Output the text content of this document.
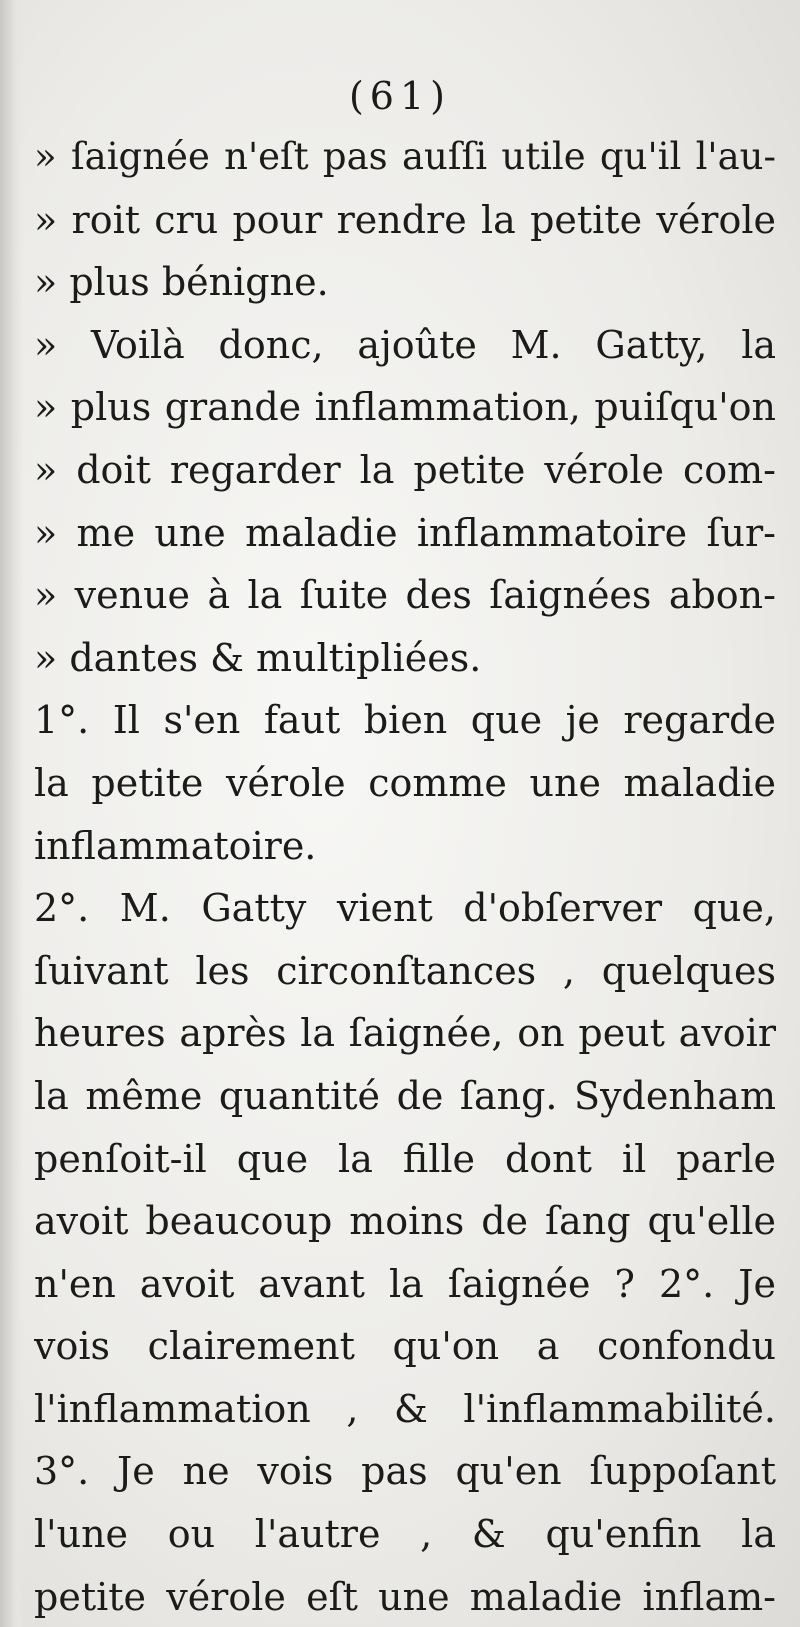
(61)
» ſaignée n'eſt pas auſſi utile qu'il l'au-
» roit cru pour rendre la petite vérole
» plus bénigne.
» Voilà donc, ajoûte M. Gatty, la
» plus grande inflammation, puiſqu'on
» doit regarder la petite vérole com-
» me une maladie inflammatoire ſur-
» venue à la ſuite des ſaignées abon-
» dantes & multipliées.
1°. Il s'en faut bien que je regarde
la petite vérole comme une maladie
inflammatoire.
2°. M. Gatty vient d'obſerver que,
ſuivant les circonſtances , quelques
heures après la ſaignée, on peut avoir
la même quantité de ſang. Sydenham
penſoit-il que la fille dont il parle
avoit beaucoup moins de ſang qu'elle
n'en avoit avant la ſaignée ? 2°. Je
vois clairement qu'on a confondu
l'inflammation , & l'inflammabilité.
3°. Je ne vois pas qu'en ſuppoſant
l'une ou l'autre , & qu'enfin la
petite vérole eſt une maladie inflam-
